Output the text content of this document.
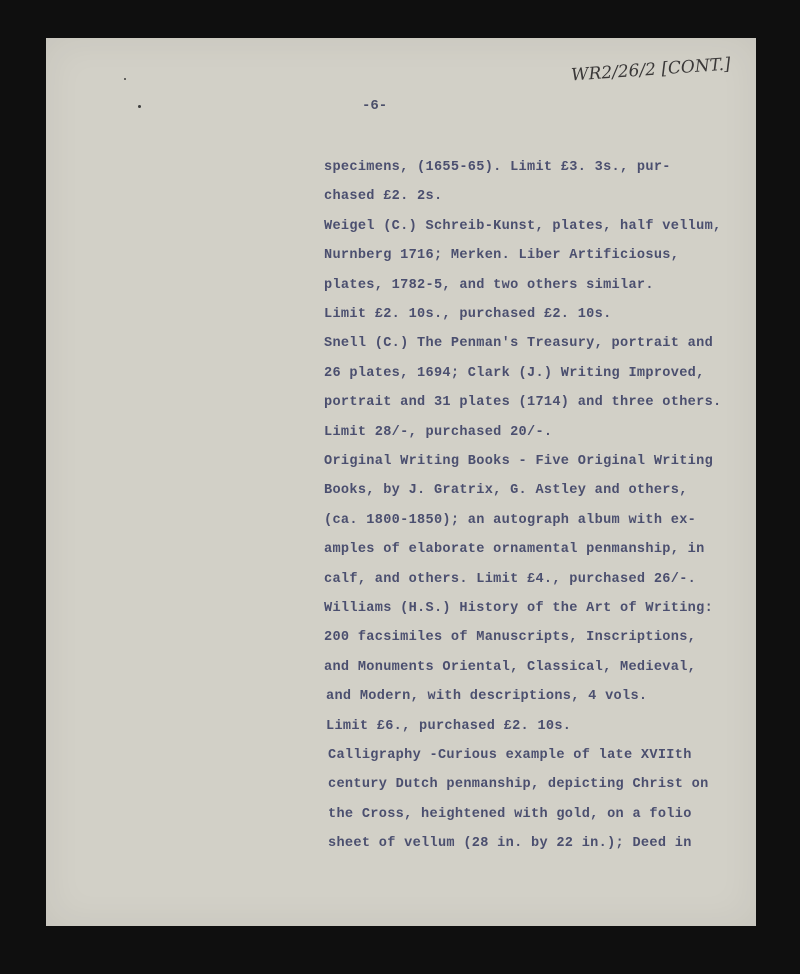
WR2/26/2 [CONT.]
-6-
specimens, (1655-65). Limit £3. 3s., pur-
chased £2. 2s.
Weigel (C.) Schreib-Kunst, plates, half vellum,
Nurnberg 1716; Merken. Liber Artificiosus,
plates, 1782-5, and two others similar.
Limit £2. 10s., purchased £2. 10s.
Snell (C.) The Penman's Treasury, portrait and
26 plates, 1694; Clark (J.) Writing Improved,
portrait and 31 plates (1714) and three others.
Limit 28/-, purchased 20/-.
Original Writing Books - Five Original Writing
Books, by J. Gratrix, G. Astley and others,
(ca. 1800-1850); an autograph album with ex-
amples of elaborate ornamental penmanship, in
calf, and others. Limit £4., purchased 26/-.
Williams (H.S.) History of the Art of Writing:
200 facsimiles of Manuscripts, Inscriptions,
and Monuments Oriental, Classical, Medieval,
and Modern, with descriptions, 4 vols.
Limit £6., purchased £2. 10s.
Calligraphy -Curious example of late XVIIth
century Dutch penmanship, depicting Christ on
the Cross, heightened with gold, on a folio
sheet of vellum (28 in. by 22 in.); Deed in
